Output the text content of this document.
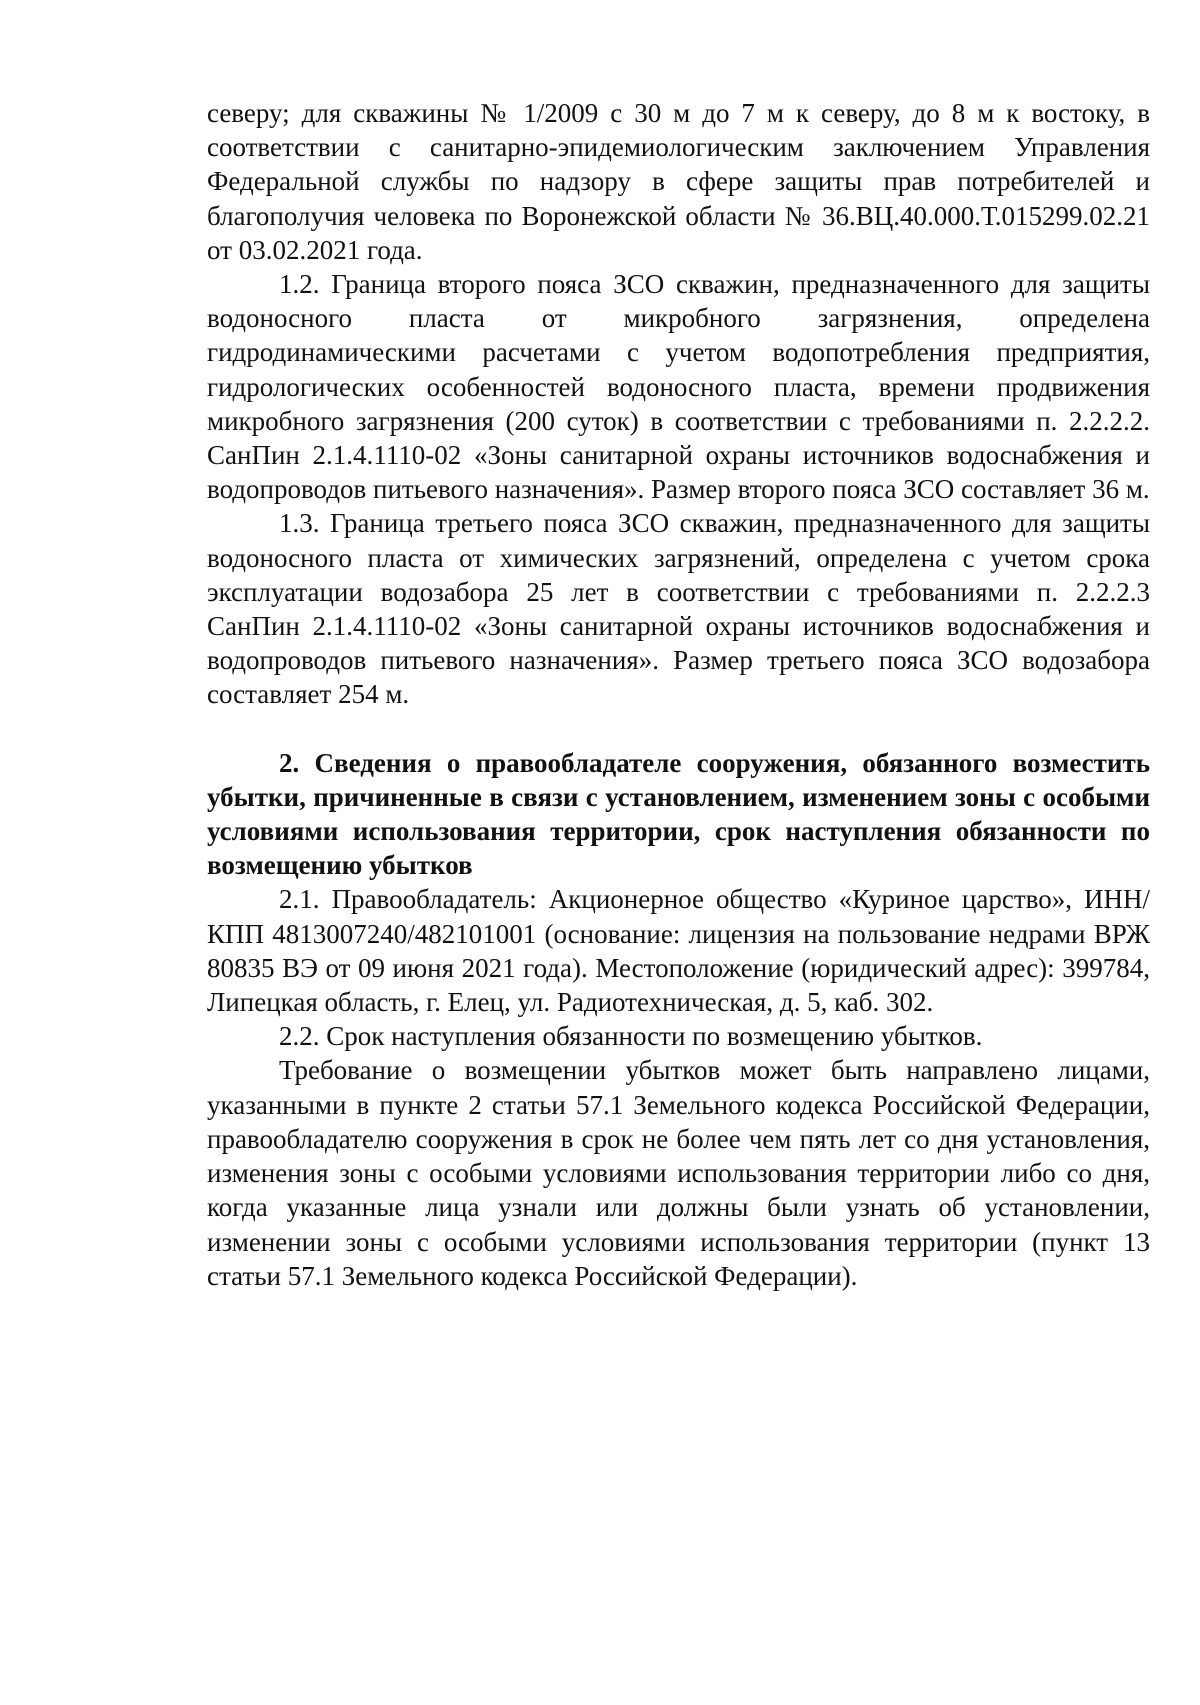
северу; для скважины № 1/2009 с 30 м до 7 м к северу, до 8 м к востоку, в соответствии с санитарно-эпидемиологическим заключением Управления Федеральной службы по надзору в сфере защиты прав потребителей и благополучия человека по Воронежской области № 36.ВЦ.40.000.Т.015299.02.21 от 03.02.2021 года.

1.2. Граница второго пояса ЗСО скважин, предназначенного для защиты водоносного пласта от микробного загрязнения, определена гидродинамическими расчетами с учетом водопотребления предприятия, гидрологических особенностей водоносного пласта, времени продвижения микробного загрязнения (200 суток) в соответствии с требованиями п. 2.2.2.2. СанПин 2.1.4.1110-02 «Зоны санитарной охраны источников водоснабжения и водопроводов питьевого назначения». Размер второго пояса ЗСО составляет 36 м.

1.3. Граница третьего пояса ЗСО скважин, предназначенного для защиты водоносного пласта от химических загрязнений, определена с учетом срока эксплуатации водозабора 25 лет в соответствии с требованиями п. 2.2.2.3 СанПин 2.1.4.1110-02 «Зоны санитарной охраны источников водоснабжения и водопроводов питьевого назначения». Размер третьего пояса ЗСО водозабора составляет 254 м.

2. Сведения о правообладателе сооружения, обязанного возместить убытки, причиненные в связи с установлением, изменением зоны с особыми условиями использования территории, срок наступления обязанности по возмещению убытков

2.1. Правообладатель: Акционерное общество «Куриное царство», ИНН/КПП 4813007240/482101001 (основание: лицензия на пользование недрами ВРЖ 80835 ВЭ от 09 июня 2021 года). Местоположение (юридический адрес): 399784, Липецкая область, г. Елец, ул. Радиотехническая, д. 5, каб. 302.

2.2. Срок наступления обязанности по возмещению убытков.

Требование о возмещении убытков может быть направлено лицами, указанными в пункте 2 статьи 57.1 Земельного кодекса Российской Федерации, правообладателю сооружения в срок не более чем пять лет со дня установления, изменения зоны с особыми условиями использования территории либо со дня, когда указанные лица узнали или должны были узнать об установлении, изменении зоны с особыми условиями использования территории (пункт 13 статьи 57.1 Земельного кодекса Российской Федерации).
